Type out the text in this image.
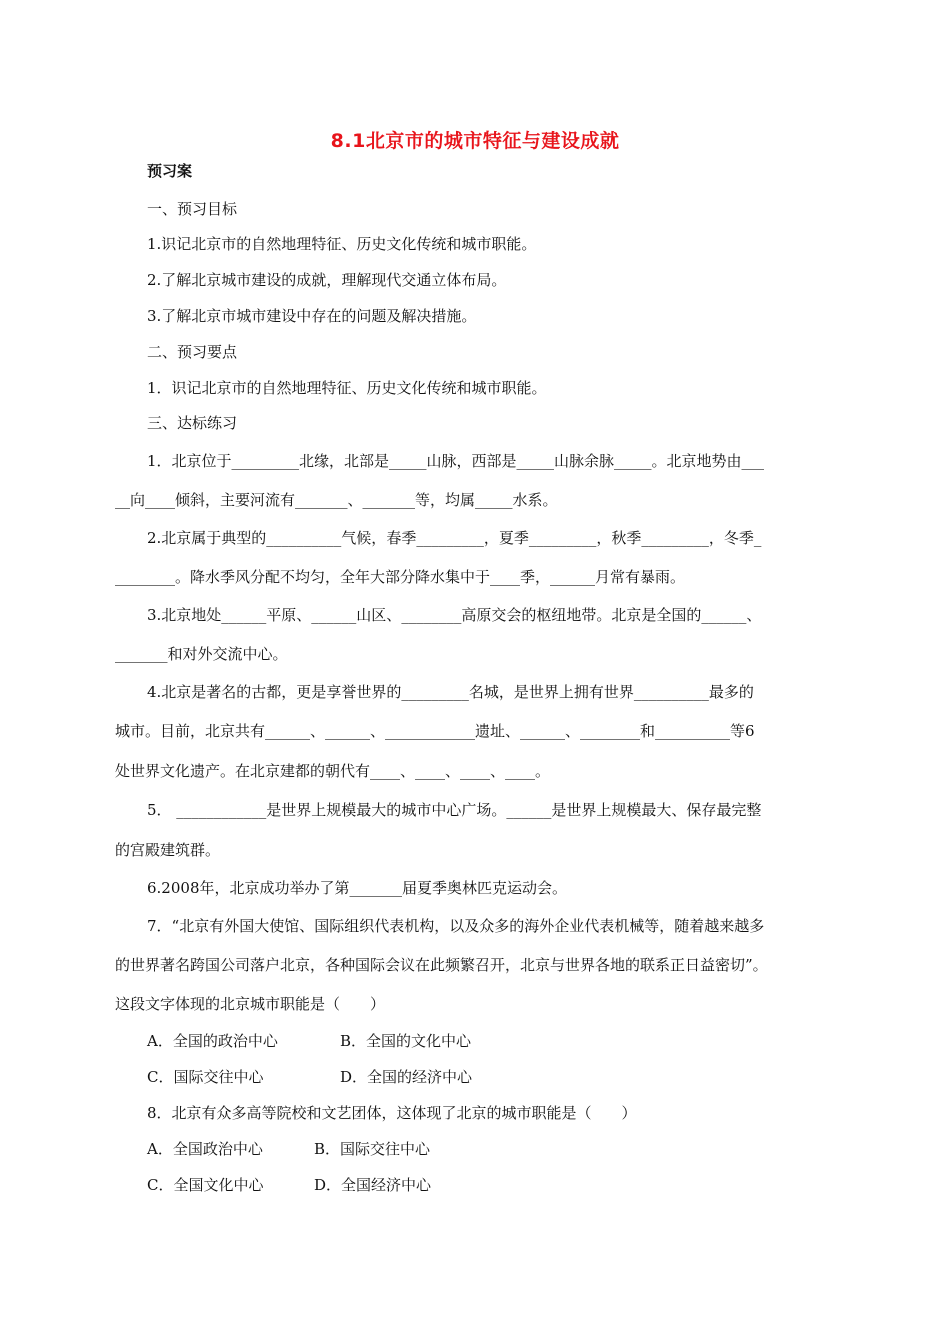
8.1北京市的城市特征与建设成就
预习案
一、预习目标
1.识记北京市的自然地理特征、历史文化传统和城市职能。
2.了解北京城市建设的成就，理解现代交通立体布局。
3.了解北京市城市建设中存在的问题及解决措施。
二、预习要点
1．识记北京市的自然地理特征、历史文化传统和城市职能。
三、达标练习
1．北京位于_________北缘，北部是_____山脉，西部是_____山脉余脉_____。北京地势由___
__向____倾斜，主要河流有_______、_______等，均属_____水系。
2.北京属于典型的__________气候，春季_________，夏季_________，秋季_________，冬季_
________。降水季风分配不均匀，全年大部分降水集中于____季，______月常有暴雨。
3.北京地处______平原、______山区、________高原交会的枢纽地带。北京是全国的______、
_______和对外交流中心。
4.北京是著名的古都，更是享誉世界的_________名城，是世界上拥有世界__________最多的
城市。目前，北京共有______、______、____________遗址、______、________和__________等6
处世界文化遗产。在北京建都的朝代有____、____、____、____。
5． ____________是世界上规模最大的城市中心广场。______是世界上规模最大、保存最完整
的宫殿建筑群。
6.2008年，北京成功举办了第_______届夏季奥林匹克运动会。
7．“北京有外国大使馆、国际组织代表机构，以及众多的海外企业代表机械等，随着越来越多
的世界著名跨国公司落户北京，各种国际会议在此频繁召开，北京与世界各地的联系正日益密切”。
这段文字体现的北京城市职能是（　　）
A．全国的政治中心	B．全国的文化中心
C．国际交往中心	D．全国的经济中心
8．北京有众多高等院校和文艺团体，这体现了北京的城市职能是（　　）
A．全国政治中心	B．国际交往中心
C．全国文化中心	D．全国经济中心
